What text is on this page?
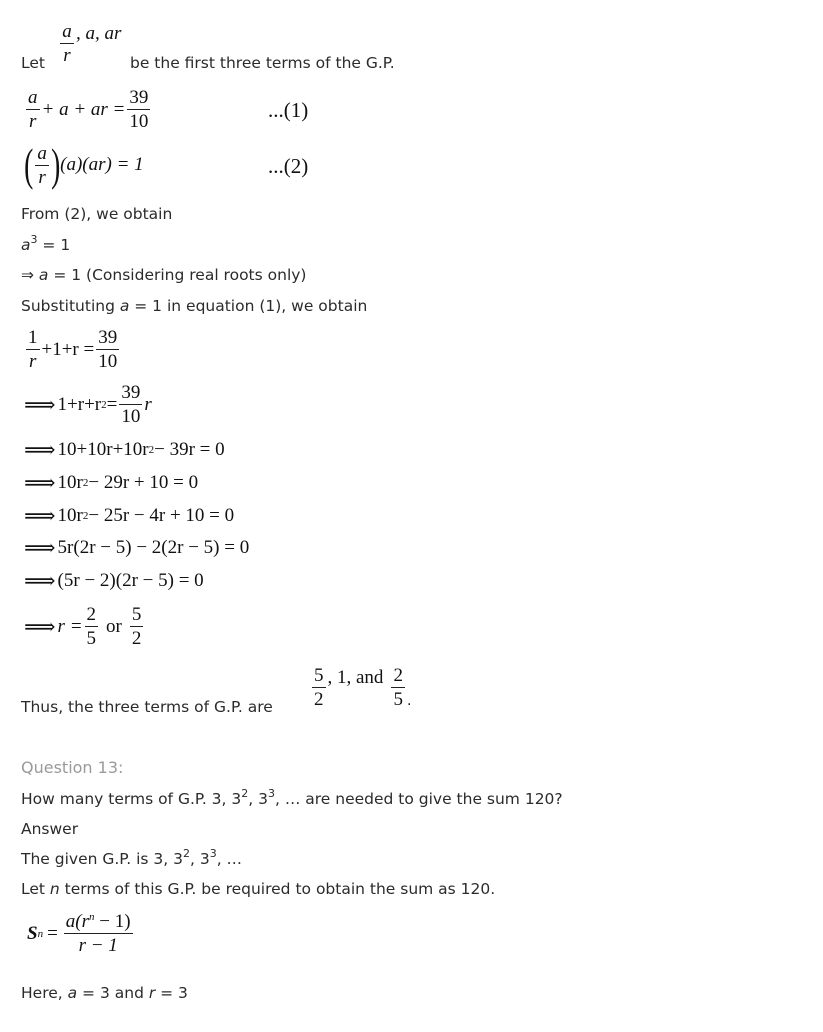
Let $\frac{a}{r}$ , a, ar
be the first three terms of the G.P.
$\frac{a}{r} + a$ + ar = $\frac{39}{10}$	...(1)
( $\frac{a}{r}$ ) (a)(ar) = 1	...(2)
From (2), we obtain
$a^3 = 1$
⇒ a = 1 (Considering real roots only)
Substituting a = 1 in equation (1), we obtain
$\frac{1}{r} +1+r = \frac{39}{10}$
⟹ 1+r+r $2 = \frac{39}{10}$ r
⟹ 10+10r+10r 2 − 39r = 0
⟹ 10r 2 − 29r + 10 = 0
⟹ 10r 2 − 25r − 4r + 10 = 0
⟹ 5r(2r − 5) − 2(2r − 5) = 0
⟹ (5r − 2)(2r − 5) = 0
⟹ $r = \frac{2}{5}$ or $\frac{5}{2}$
Thus, the three terms of G.P. are $\frac{5}{2}$ , 1, and $\frac{2}{5}$ .
Question 13:
How many terms of G.P. 3, $3^2$, $3^3$, … are needed to give the sum 120?
Answer
The given G.P. is 3, $3^2$, $3^3$, …
Let n terms of this G.P. be required to obtain the sum as 120.
S $n = \frac{a(r^n - 1)}{r - 1}$
Here, a = 3 and r = 3
